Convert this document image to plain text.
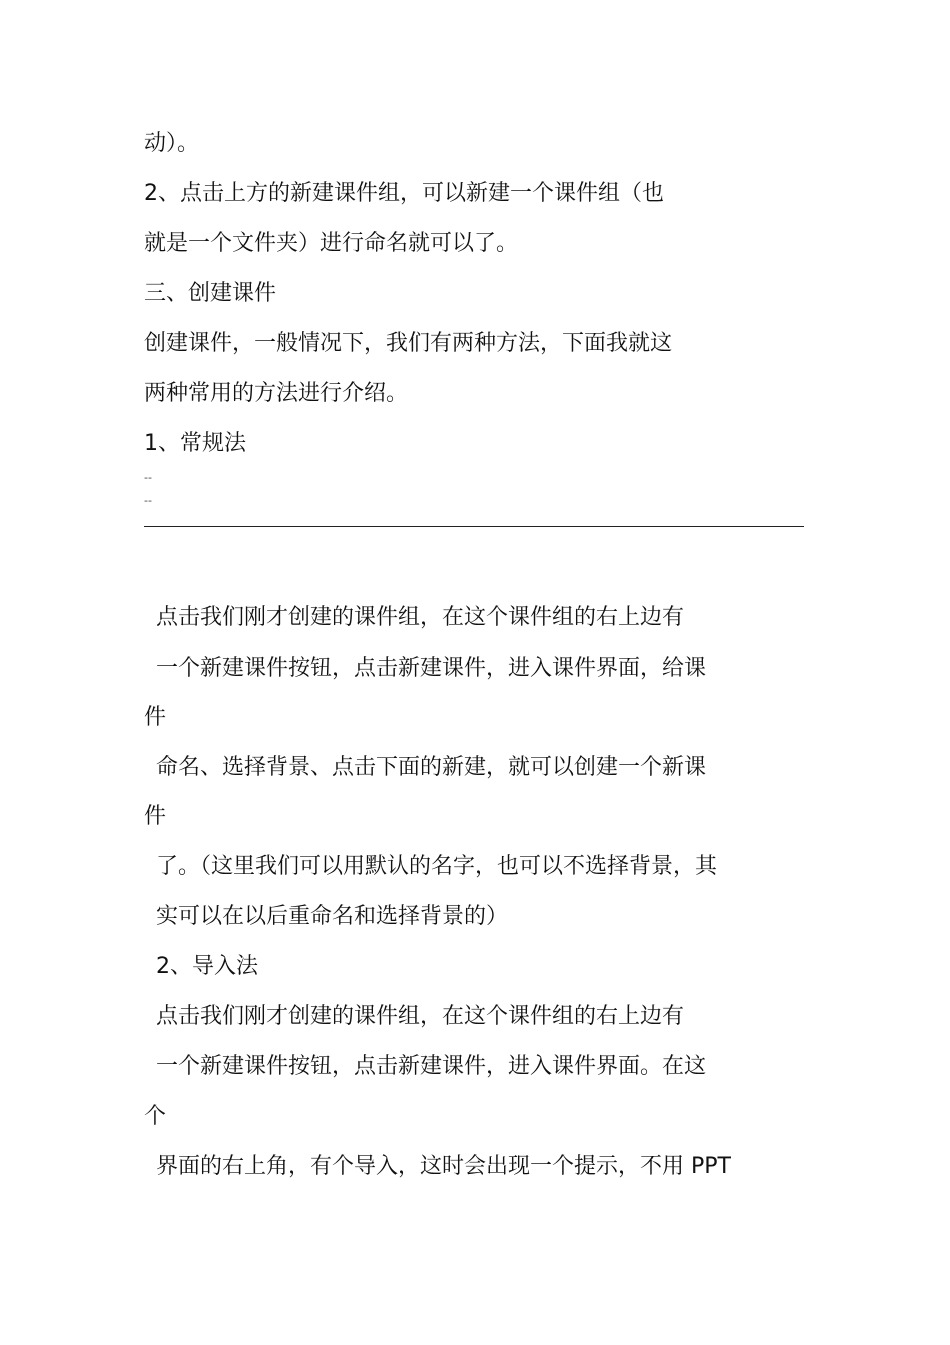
动）。
2、点击上方的新建课件组，可以新建一个课件组（也
就是一个文件夹）进行命名就可以了。
三、创建课件
创建课件，一般情况下，我们有两种方法，下面我就这
两种常用的方法进行介绍。
1、常规法
--
--
点击我们刚才创建的课件组，在这个课件组的右上边有
一个新建课件按钮，点击新建课件，进入课件界面，给课
件
命名、选择背景、点击下面的新建，就可以创建一个新课
件
了。（这里我们可以用默认的名字，也可以不选择背景，其
实可以在以后重命名和选择背景的）
2、导入法
点击我们刚才创建的课件组，在这个课件组的右上边有
一个新建课件按钮，点击新建课件，进入课件界面。在这
个
界面的右上角，有个导入，这时会出现一个提示，不用 PPT
